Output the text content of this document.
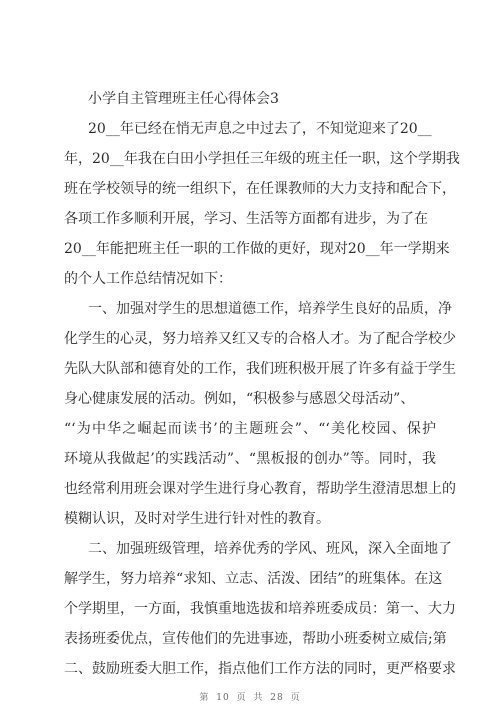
小学自主管理班主任心得体会3
20__年已经在悄无声息之中过去了，不知觉迎来了20__
年，20__年我在白田小学担任三年级的班主任一职，这个学期我
班在学校领导的统一组织下，在任课教师的大力支持和配合下，
各项工作多顺利开展，学习、生活等方面都有进步，为了在
20__年能把班主任一职的工作做的更好，现对20__年一学期来
的个人工作总结情况如下：
一、加强对学生的思想道德工作，培养学生良好的品质，净
化学生的心灵，努力培养又红又专的合格人才。为了配合学校少
先队大队部和德育处的工作，我们班积极开展了许多有益于学生
身心健康发展的活动。例如，“积极参与感恩父母活动”、
“‘为中华之崛起而读书’的主题班会”、“‘美化校园、保护
环境从我做起’的实践活动”、“黑板报的创办”等。同时，我
也经常利用班会课对学生进行身心教育，帮助学生澄清思想上的
模糊认识，及时对学生进行针对性的教育。
二、加强班级管理，培养优秀的学风、班风，深入全面地了
解学生，努力培养“求知、立志、活泼、团结”的班集体。在这
个学期里，一方面，我慎重地选拔和培养班委成员：第一、大力
表扬班委优点，宣传他们的先进事迹，帮助小班委树立威信;第
二、鼓励班委大胆工作，指点他们工作方法的同时，更严格要求
第 10 页 共 28 页
